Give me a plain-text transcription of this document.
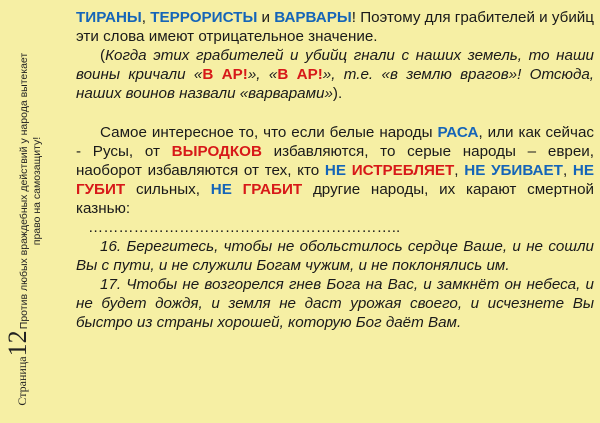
Против любых враждебных действий у народа вытекает право на самозащиту!
Страница12

ТИРАНЫ, ТЕРРОРИСТЫ и ВАРВАРЫ! Поэтому для грабителей и убийц эти слова имеют отрицательное значение.

(Когда этих грабителей и убийц гнали с наших земель, то наши воины кричали «В АР!», «В АР!», т.е. «в землю врагов»! Отсюда, наших воинов назвали «варварами»).

Самое интересное то, что если белые народы РАСА, или как сейчас - Русы, от ВЫРОДКОВ избавляются, то серые народы – евреи, наоборот избавляются от тех, кто НЕ ИСТРЕБЛЯЕТ, НЕ УБИВАЕТ, НЕ ГУБИТ сильных, НЕ ГРАБИТ другие народы, их карают смертной казнью:

……………………………………………………..

16. Берегитесь, чтобы не обольстилось сердце Ваше, и не сошли Вы с пути, и не служили Богам чужим, и не поклонялись им.

17. Чтобы не возгорелся гнев Бога на Вас, и замкнёт он небеса, и не будет дождя, и земля не даст урожая своего, и исчезнете Вы быстро из страны хорошей, которую Бог даёт Вам.
